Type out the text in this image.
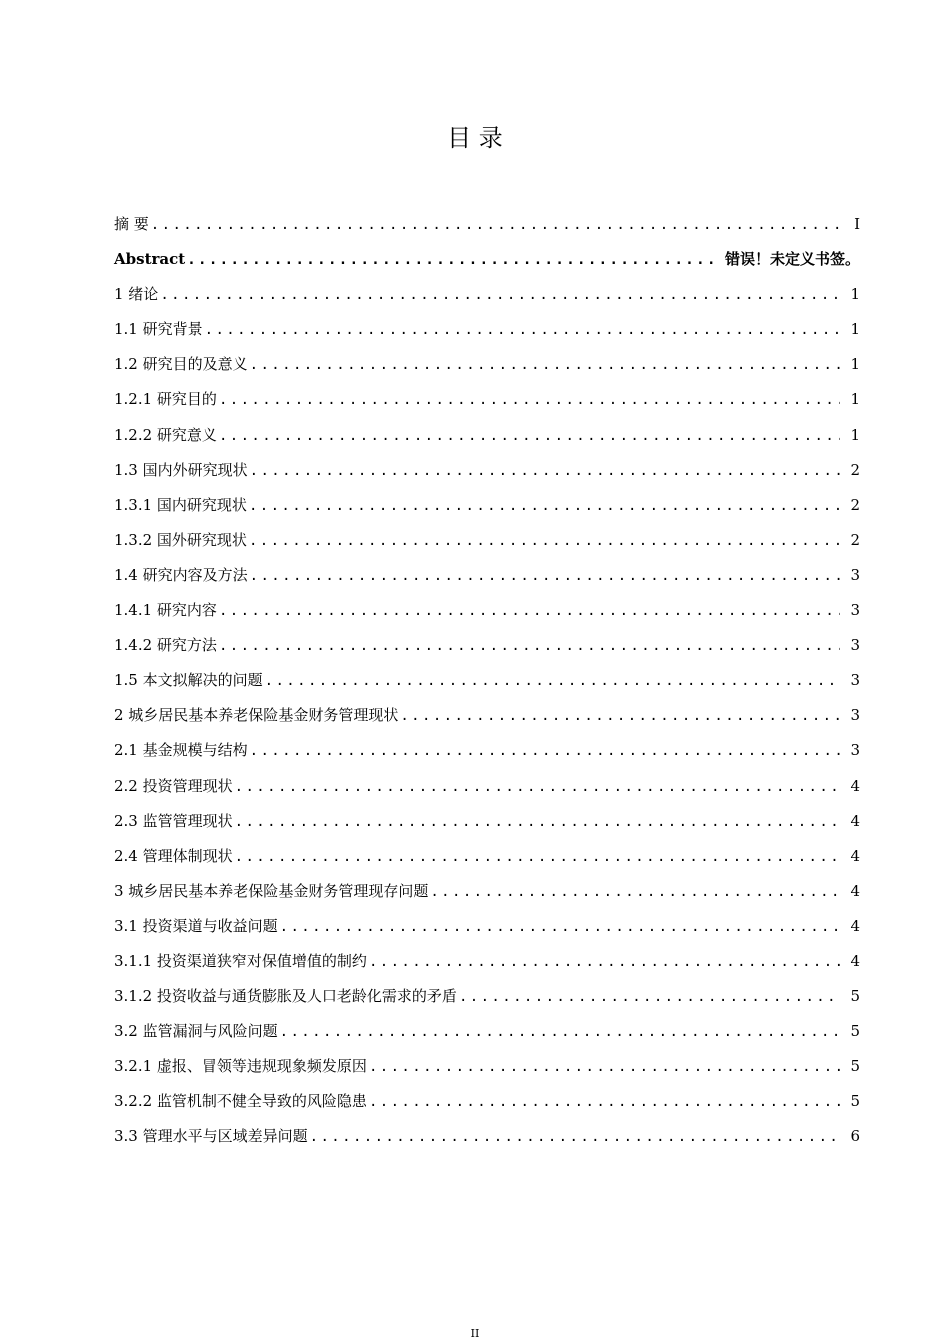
目 录
摘 要 .....	I
Abstract .....	错误！未定义书签。
1 绪论 .....	1
1.1 研究背景 .....	1
1.2 研究目的及意义 .....	1
1.2.1 研究目的 .....	1
1.2.2 研究意义 .....	1
1.3 国内外研究现状 .....	2
1.3.1 国内研究现状 .....	2
1.3.2 国外研究现状 .....	2
1.4 研究内容及方法 .....	3
1.4.1 研究内容 .....	3
1.4.2 研究方法 .....	3
1.5 本文拟解决的问题 .....	3
2 城乡居民基本养老保险基金财务管理现状 .....	3
2.1 基金规模与结构 .....	3
2.2 投资管理现状 .....	4
2.3 监管管理现状 .....	4
2.4 管理体制现状 .....	4
3 城乡居民基本养老保险基金财务管理现存问题 .....	4
3.1 投资渠道与收益问题 .....	4
3.1.1 投资渠道狭窄对保值增值的制约 .....	4
3.1.2 投资收益与通货膨胀及人口老龄化需求的矛盾 .....	5
3.2 监管漏洞与风险问题 .....	5
3.2.1 虚报、冒领等违规现象频发原因 .....	5
3.2.2 监管机制不健全导致的风险隐患 .....	5
3.3 管理水平与区域差异问题 .....	6
II
